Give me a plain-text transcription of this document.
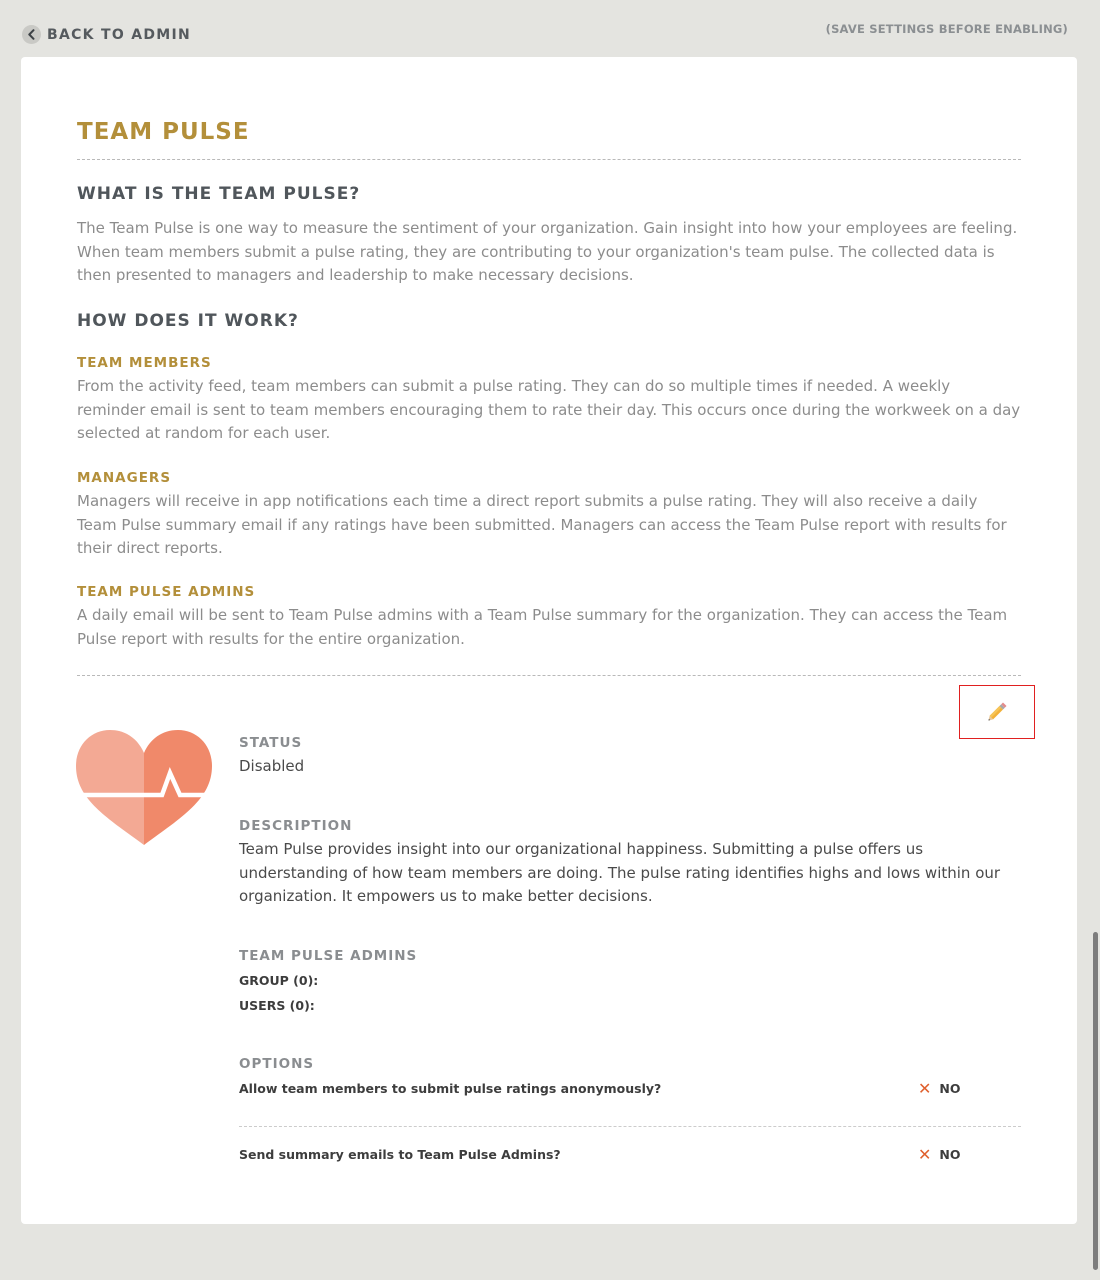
BACK TO ADMIN	(SAVE SETTINGS BEFORE ENABLING)
TEAM PULSE
WHAT IS THE TEAM PULSE?

The Team Pulse is one way to measure the sentiment of your organization. Gain insight into how your employees are feeling. When team members submit a pulse rating, they are contributing to your organization's team pulse. The collected data is then presented to managers and leadership to make necessary decisions.

HOW DOES IT WORK?
TEAM MEMBERS

From the activity feed, team members can submit a pulse rating. They can do so multiple times if needed. A weekly reminder email is sent to team members encouraging them to rate their day. This occurs once during the workweek on a day selected at random for each user.

MANAGERS

Managers will receive in app notifications each time a direct report submits a pulse rating. They will also receive a daily Team Pulse summary email if any ratings have been submitted. Managers can access the Team Pulse report with results for their direct reports.

TEAM PULSE ADMINS

A daily email will be sent to Team Pulse admins with a Team Pulse summary for the organization. They can access the Team Pulse report with results for the entire organization.

STATUS

Disabled

DESCRIPTION

Team Pulse provides insight into our organizational happiness. Submitting a pulse offers us understanding of how team members are doing. The pulse rating identifies highs and lows within our organization. It empowers us to make better decisions.

TEAM PULSE ADMINS

GROUP (0):

USERS (0):

OPTIONS

Allow team members to submit pulse ratings anonymously?	✕ NO

Send summary emails to Team Pulse Admins?	✕ NO
